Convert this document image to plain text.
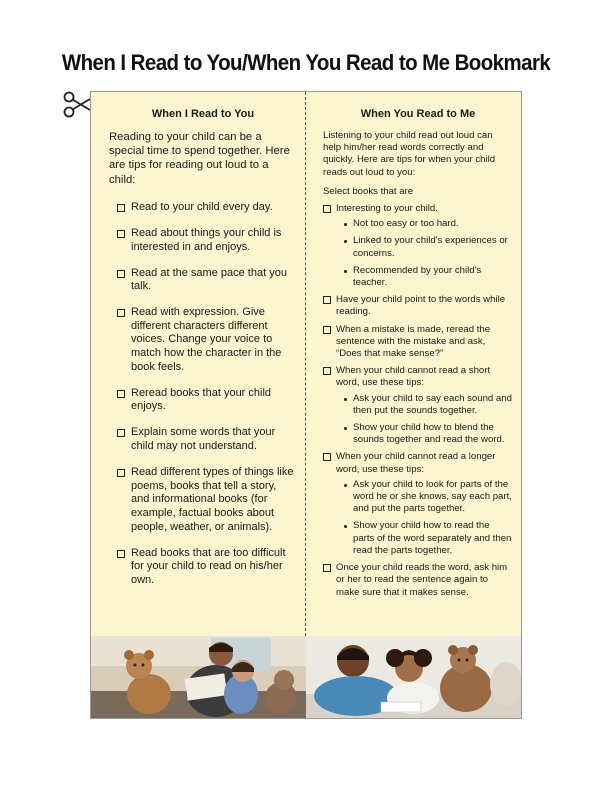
When I Read to You/When You Read to Me Bookmark
When I Read to You
Reading to your child can be a special time to spend together. Here are tips for reading out loud to a child:
Read to your child every day.
Read about things your child is interested in and enjoys.
Read at the same pace that you talk.
Read with expression. Give different characters different voices. Change your voice to match how the character in the book feels.
Reread books that your child enjoys.
Explain some words that your child may not understand.
Read different types of things like poems, books that tell a story, and informational books (for example, factual books about people, weather, or animals).
Read books that are too difficult for your child to read on his/her own.
When You Read to Me
Listening to your child read out loud can help him/her read words correctly and quickly. Here are tips for when your child reads out loud to you:
Select books that are
Interesting to your child.
Not too easy or too hard.
Linked to your child's experiences or concerns.
Recommended by your child's teacher.
Have your child point to the words while reading.
When a mistake is made, reread the sentence with the mistake and ask, “Does that make sense?”
When your child cannot read a short word, use these tips:
Ask your child to say each sound and then put the sounds together.
Show your child how to blend the sounds together and read the word.
When your child cannot read a longer word, use these tips:
Ask your child to look for parts of the word he or she knows, say each part, and put the parts together.
Show your child how to read the parts of the word separately and then read the parts together.
Once your child reads the word, ask him or her to read the sentence again to make sure that it makes sense.
